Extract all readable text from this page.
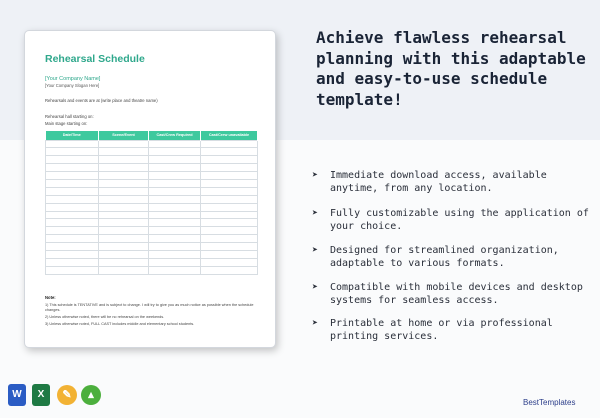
Rehearsal Schedule
[Your Company Name]
[Your Company Slogan Here]
Rehearsals and events are at (write place and theatre name)
Rehearsal hall starting on:
Main stage starting on:
Date/Time	Scene/Event	Cast/Crew Required	Cast/Crew unavailable

Note:
1) This schedule is TENTATIVE and is subject to change. I will try to give you as much notice as possible when the schedule changes.
2) Unless otherwise noted, there will be no rehearsal on the weekends.
3) Unless otherwise noted, FULL CAST includes middle and elementary school students.
Achieve flawless rehearsal planning with this adaptable and easy-to-use schedule template!
➤ Immediate download access, available anytime, from any location.
➤ Fully customizable using the application of your choice.
➤ Designed for streamlined organization, adaptable to various formats.
➤ Compatible with mobile devices and desktop systems for seamless access.
➤ Printable at home or via professional printing services.
W	X	✎	▴
BestTemplates
